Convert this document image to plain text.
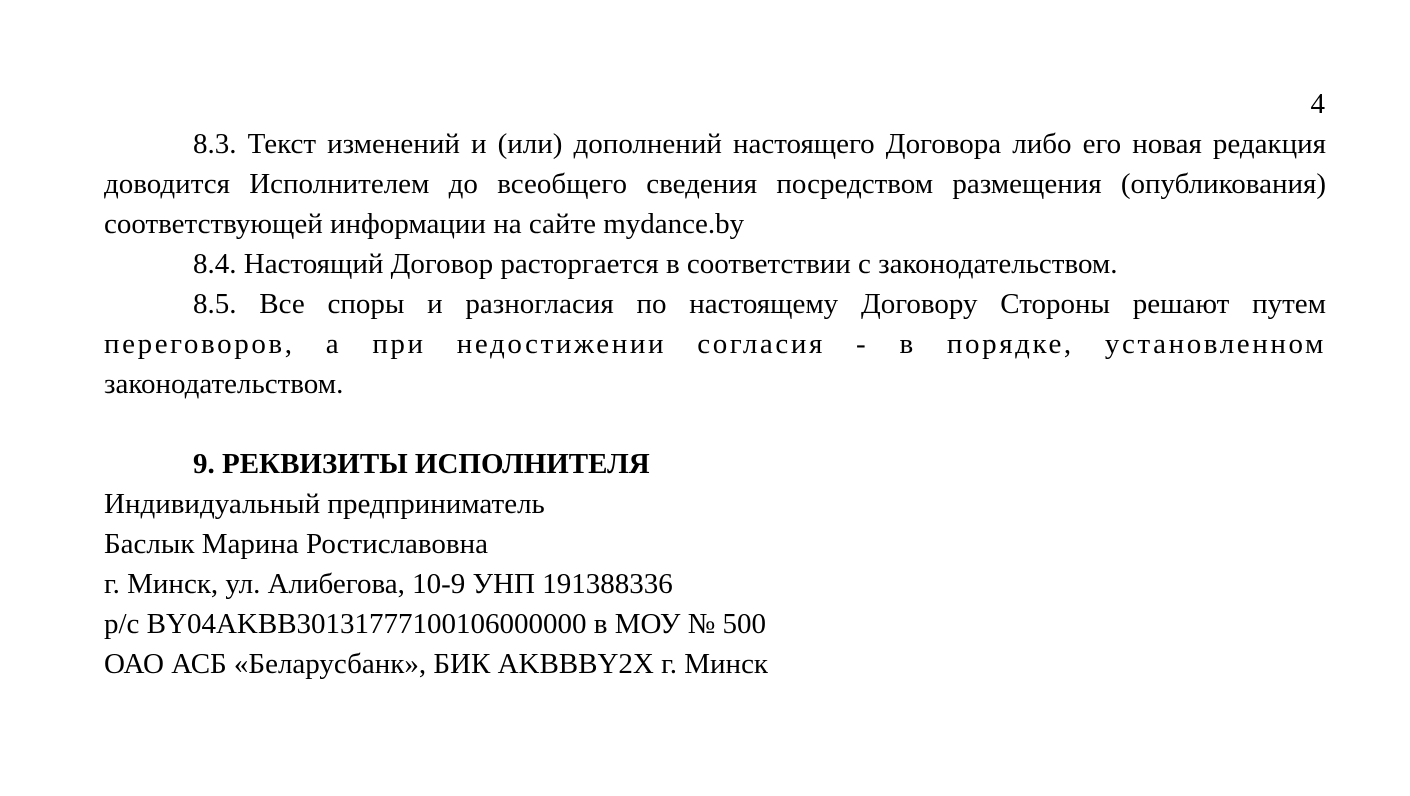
4

8.3. Текст изменений и (или) дополнений настоящего Договора либо его новая редакция доводится Исполнителем до всеобщего сведения посредством размещения (опубликования) соответствующей информации на сайте mydance.by

8.4. Настоящий Договор расторгается в соответствии с законодательством.

8.5. Все споры и разногласия по настоящему Договору Стороны решают путем переговоров, а при недостижении согласия - в порядке, установленном законодательством.

9. РЕКВИЗИТЫ ИСПОЛНИТЕЛЯ

Индивидуальный предприниматель

Баслык Марина Ростиславовна

г. Минск, ул. Алибегова, 10-9 УНП 191388336

р/с BY04AKBB30131777100106000000 в МОУ № 500

ОАО АСБ «Беларусбанк», БИК AKBBBY2X г. Минск
